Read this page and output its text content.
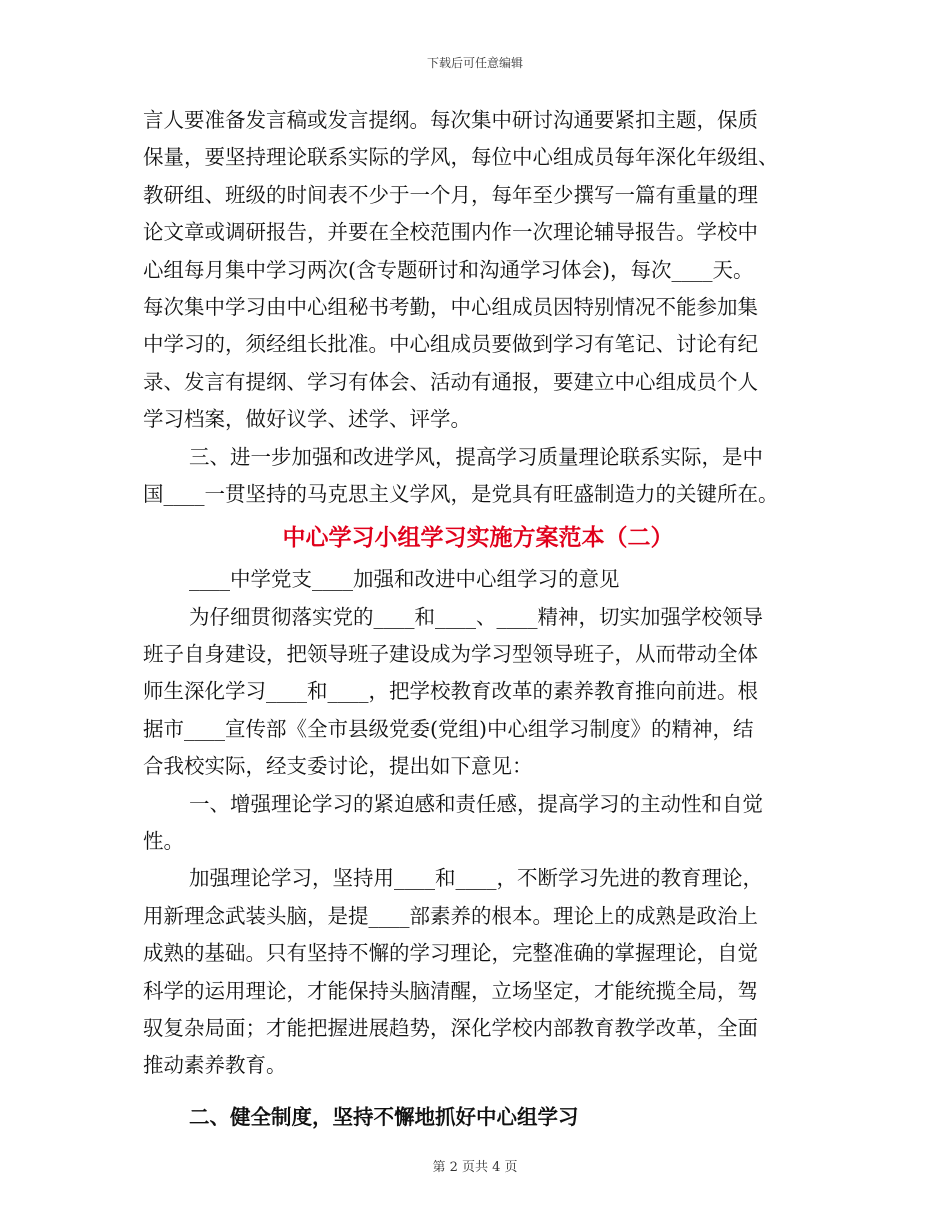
下载后可任意编辑
言人要准备发言稿或发言提纲。每次集中研讨沟通要紧扣主题，保质
保量，要坚持理论联系实际的学风，每位中心组成员每年深化年级组、
教研组、班级的时间表不少于一个月，每年至少撰写一篇有重量的理
论文章或调研报告，并要在全校范围内作一次理论辅导报告。学校中
心组每月集中学习两次(含专题研讨和沟通学习体会)，每次____天。
每次集中学习由中心组秘书考勤，中心组成员因特别情况不能参加集
中学习的，须经组长批准。中心组成员要做到学习有笔记、讨论有纪
录、发言有提纲、学习有体会、活动有通报，要建立中心组成员个人
学习档案，做好议学、述学、评学。
三、进一步加强和改进学风，提高学习质量理论联系实际，是中
国____一贯坚持的马克思主义学风，是党具有旺盛制造力的关键所在。
中心学习小组学习实施方案范本（二）
____中学党支____加强和改进中心组学习的意见
为仔细贯彻落实党的____和____、____精神，切实加强学校领导
班子自身建设，把领导班子建设成为学习型领导班子，从而带动全体
师生深化学习____和____，把学校教育改革的素养教育推向前进。根
据市____宣传部《全市县级党委(党组)中心组学习制度》的精神，结
合我校实际，经支委讨论，提出如下意见：
一、增强理论学习的紧迫感和责任感，提高学习的主动性和自觉
性。
加强理论学习，坚持用____和____，不断学习先进的教育理论，
用新理念武装头脑，是提____部素养的根本。理论上的成熟是政治上
成熟的基础。只有坚持不懈的学习理论，完整准确的掌握理论，自觉
科学的运用理论，才能保持头脑清醒，立场坚定，才能统揽全局，驾
驭复杂局面；才能把握进展趋势，深化学校内部教育教学改革，全面
推动素养教育。
二、健全制度，坚持不懈地抓好中心组学习
第 2 页共 4 页
